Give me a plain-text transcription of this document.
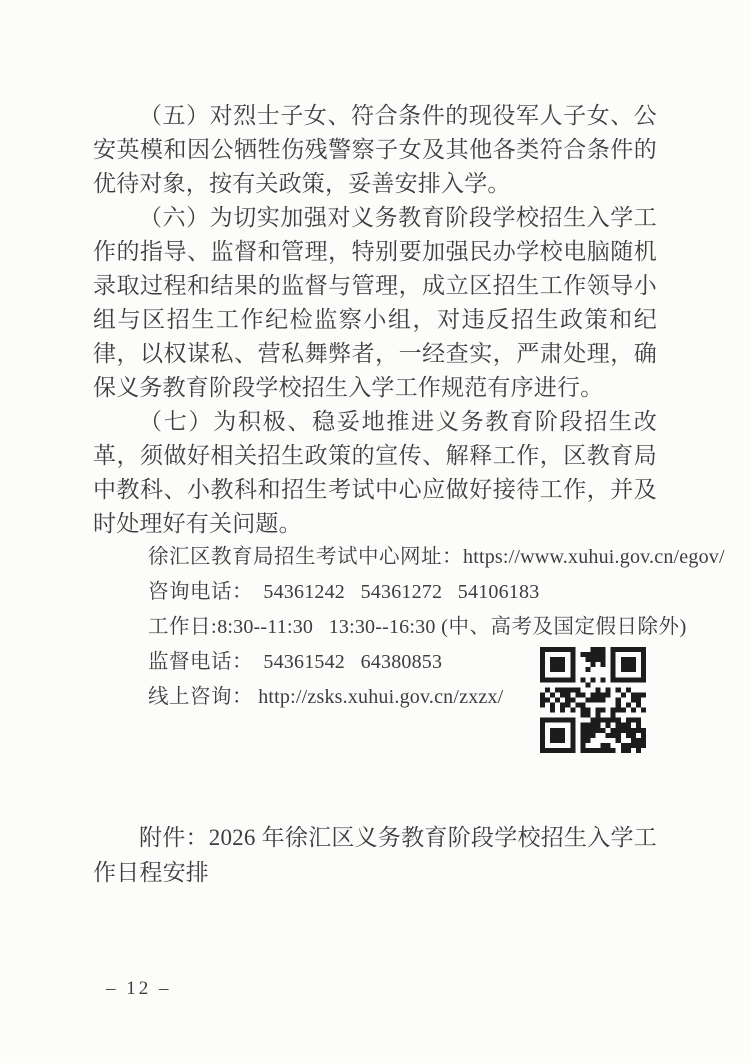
（五）对烈士子女、符合条件的现役军人子女、公安英模和因公牺牲伤残警察子女及其他各类符合条件的优待对象，按有关政策，妥善安排入学。

（六）为切实加强对义务教育阶段学校招生入学工作的指导、监督和管理，特别要加强民办学校电脑随机录取过程和结果的监督与管理，成立区招生工作领导小组与区招生工作纪检监察小组，对违反招生政策和纪律，以权谋私、营私舞弊者，一经查实，严肃处理，确保义务教育阶段学校招生入学工作规范有序进行。

（七）为积极、稳妥地推进义务教育阶段招生改革，须做好相关招生政策的宣传、解释工作，区教育局中教科、小教科和招生考试中心应做好接待工作，并及时处理好有关问题。

徐汇区教育局招生考试中心网址：https://www.xuhui.gov.cn/egov/
咨询电话：  54361242   54361272   54106183
工作日:8:30--11:30   13:30--16:30 (中、高考及国定假日除外)
监督电话：  54361542   64380853
线上咨询： http://zsks.xuhui.gov.cn/zxzx/
附件：2026 年徐汇区义务教育阶段学校招生入学工作日程安排
– 12 –
